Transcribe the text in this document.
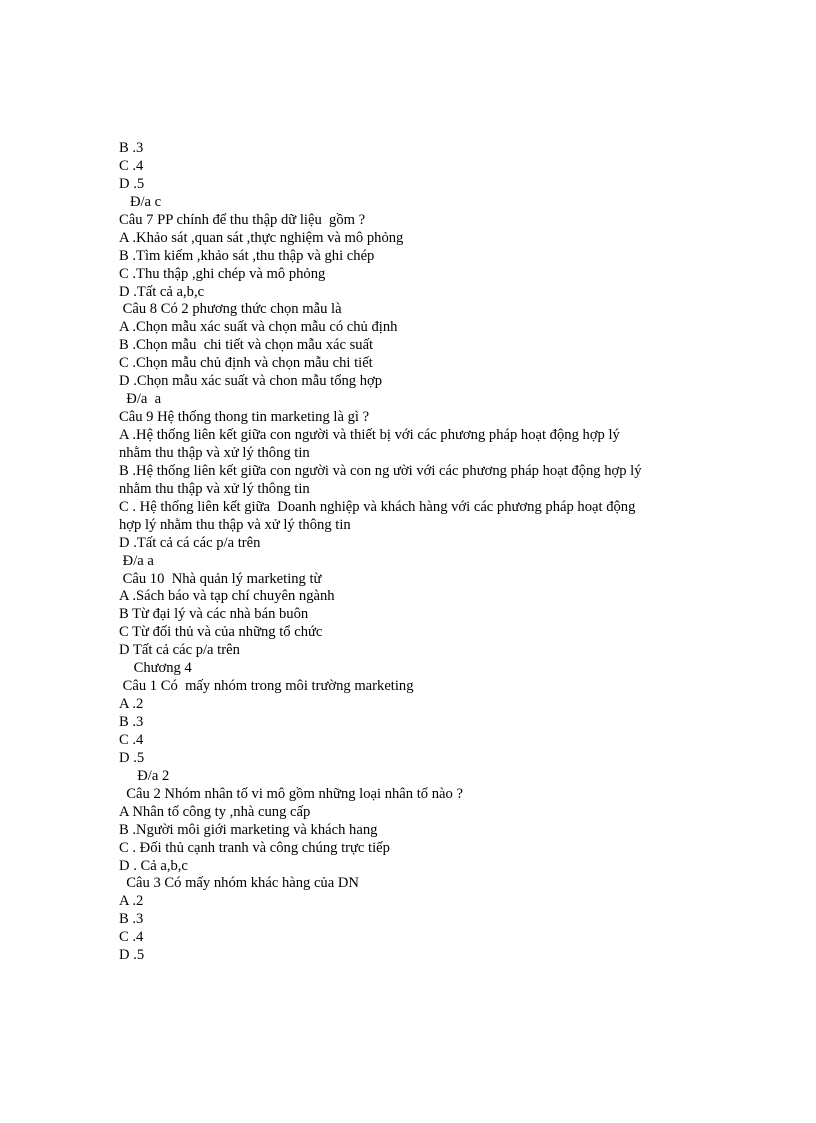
B .3
C .4
D .5
Đ/a c
Câu 7 PP chính để thu thập dữ liệu  gồm ?
A .Khảo sát ,quan sát ,thực nghiệm và mô phỏng
B .Tìm kiếm ,khảo sát ,thu thập và ghi chép
C .Thu thập ,ghi chép và mô phỏng
D .Tất cả a,b,c
Câu 8 Có 2 phương thức chọn mẫu là
A .Chọn mẫu xác suất và chọn mẫu có chủ định
B .Chọn mẫu  chi tiết và chọn mẫu xác suất
C .Chọn mẫu chủ định và chọn mẫu chi tiết
D .Chọn mẫu xác suất và chon mẫu tổng hợp
Đ/a  a
Câu 9 Hệ thống thong tin marketing là gì ?
A .Hệ thống liên kết giữa con người và thiết bị với các phương pháp hoạt động hợp lý
nhằm thu thập và xử lý thông tin
B .Hệ thống liên kết giữa con người và con ng ười với các phương pháp hoạt động hợp lý
nhằm thu thập và xử lý thông tin
C . Hệ thống liên kết giữa  Doanh nghiệp và khách hàng với các phương pháp hoạt động
hợp lý nhằm thu thập và xử lý thông tin
D .Tất cả cá các p/a trên
Đ/a a
Câu 10  Nhà quản lý marketing từ
A .Sách báo và tạp chí chuyên ngành
B Từ đại lý và các nhà bán buôn
C Từ đối thủ và của những tổ chức
D Tất cả các p/a trên
Chương 4
Câu 1 Có  mấy nhóm trong môi trường marketing
A .2
B .3
C .4
D .5
Đ/a 2
Câu 2 Nhóm nhân tố vi mô gồm những loại nhân tố nào ?
A Nhân tố công ty ,nhà cung cấp
B .Người môi giới marketing và khách hang
C . Đối thủ cạnh tranh và công chúng trực tiếp
D . Cả a,b,c
Câu 3 Có mấy nhóm khác hàng của DN
A .2
B .3
C .4
D .5
